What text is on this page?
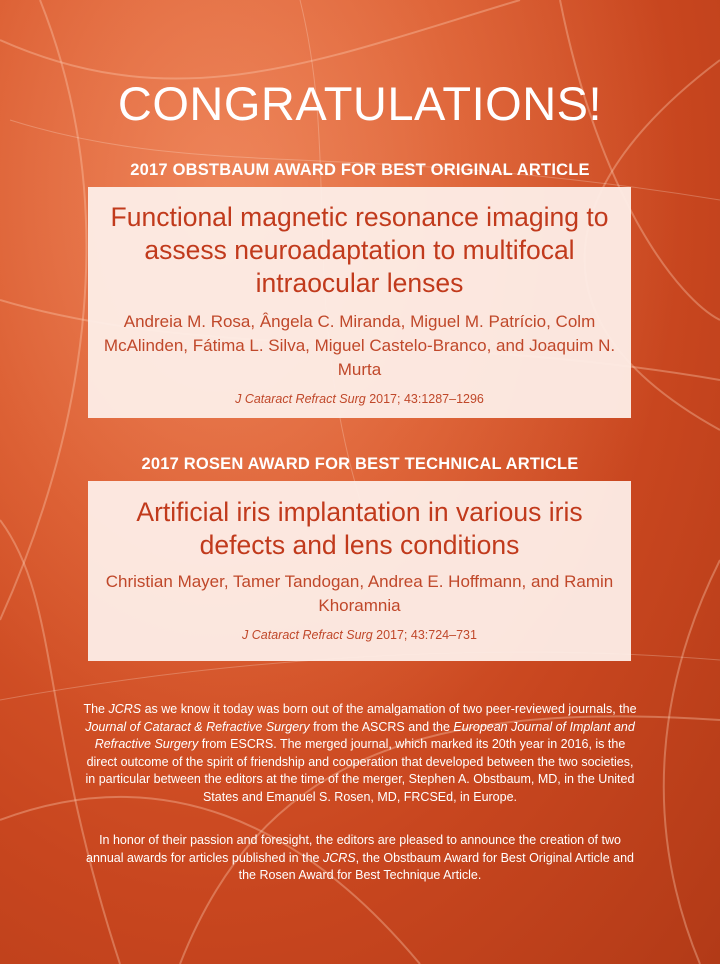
CONGRATULATIONS!
2017 OBSTBAUM AWARD FOR BEST ORIGINAL ARTICLE
Functional magnetic resonance imaging to assess neuroadaptation to multifocal intraocular lenses
Andreia M. Rosa, Ângela C. Miranda, Miguel M. Patrício, Colm McAlinden, Fátima L. Silva, Miguel Castelo-Branco, and Joaquim N. Murta
J Cataract Refract Surg 2017; 43:1287–1296
2017 ROSEN AWARD FOR BEST TECHNICAL ARTICLE
Artificial iris implantation in various iris defects and lens conditions
Christian Mayer, Tamer Tandogan, Andrea E. Hoffmann, and Ramin Khoramnia
J Cataract Refract Surg 2017; 43:724–731
The JCRS as we know it today was born out of the amalgamation of two peer-reviewed journals, the Journal of Cataract & Refractive Surgery from the ASCRS and the European Journal of Implant and Refractive Surgery from ESCRS. The merged journal, which marked its 20th year in 2016, is the direct outcome of the spirit of friendship and cooperation that developed between the two societies, in particular between the editors at the time of the merger, Stephen A. Obstbaum, MD, in the United States and Emanuel S. Rosen, MD, FRCSEd, in Europe.
In honor of their passion and foresight, the editors are pleased to announce the creation of two annual awards for articles published in the JCRS, the Obstbaum Award for Best Original Article and the Rosen Award for Best Technique Article.
